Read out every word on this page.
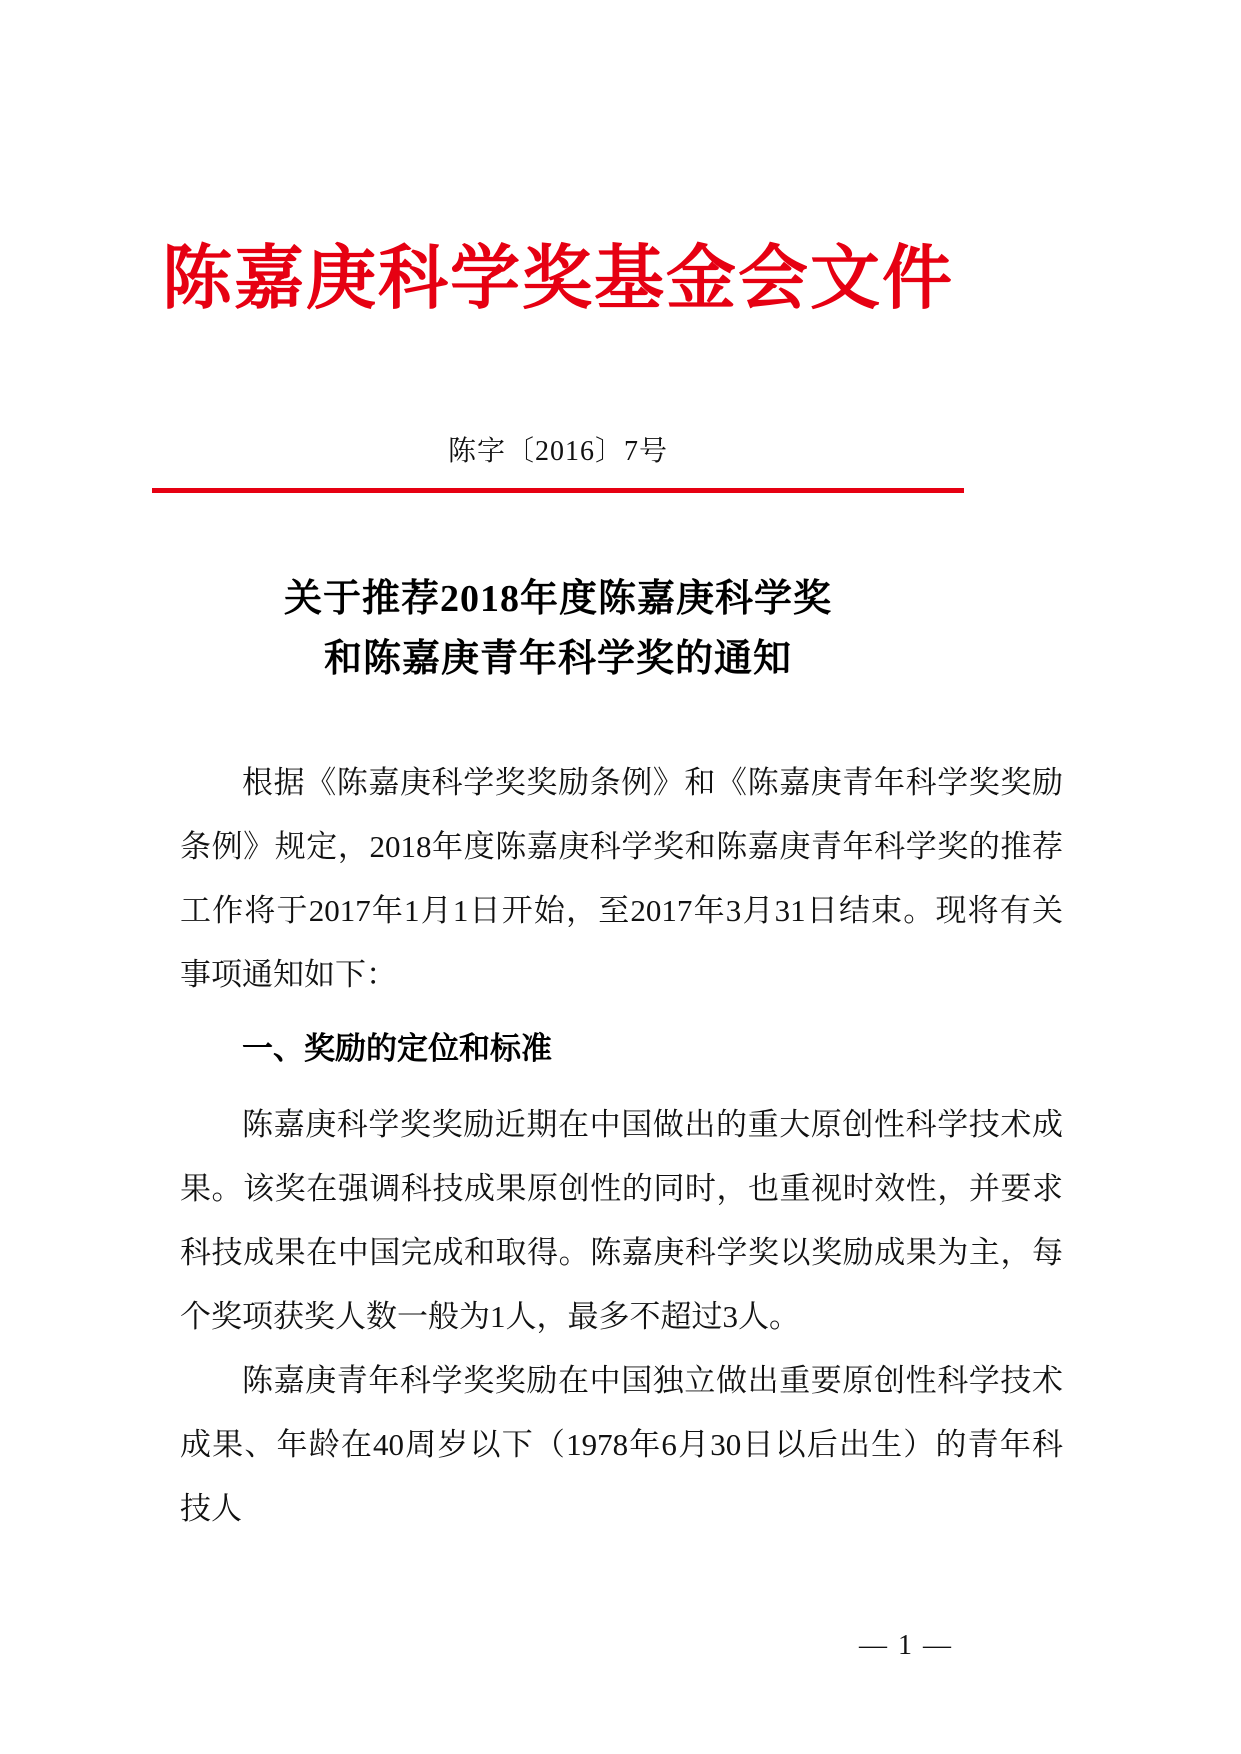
陈嘉庚科学奖基金会文件
陈字〔2016〕7号
关于推荐2018年度陈嘉庚科学奖
和陈嘉庚青年科学奖的通知

根据《陈嘉庚科学奖奖励条例》和《陈嘉庚青年科学奖奖励条例》规定，2018年度陈嘉庚科学奖和陈嘉庚青年科学奖的推荐工作将于2017年1月1日开始，至2017年3月31日结束。现将有关事项通知如下：

一、奖励的定位和标准

陈嘉庚科学奖奖励近期在中国做出的重大原创性科学技术成果。该奖在强调科技成果原创性的同时，也重视时效性，并要求科技成果在中国完成和取得。陈嘉庚科学奖以奖励成果为主，每个奖项获奖人数一般为1人，最多不超过3人。

陈嘉庚青年科学奖奖励在中国独立做出重要原创性科学技术成果、年龄在40周岁以下（1978年6月30日以后出生）的青年科技人

— 1 —
